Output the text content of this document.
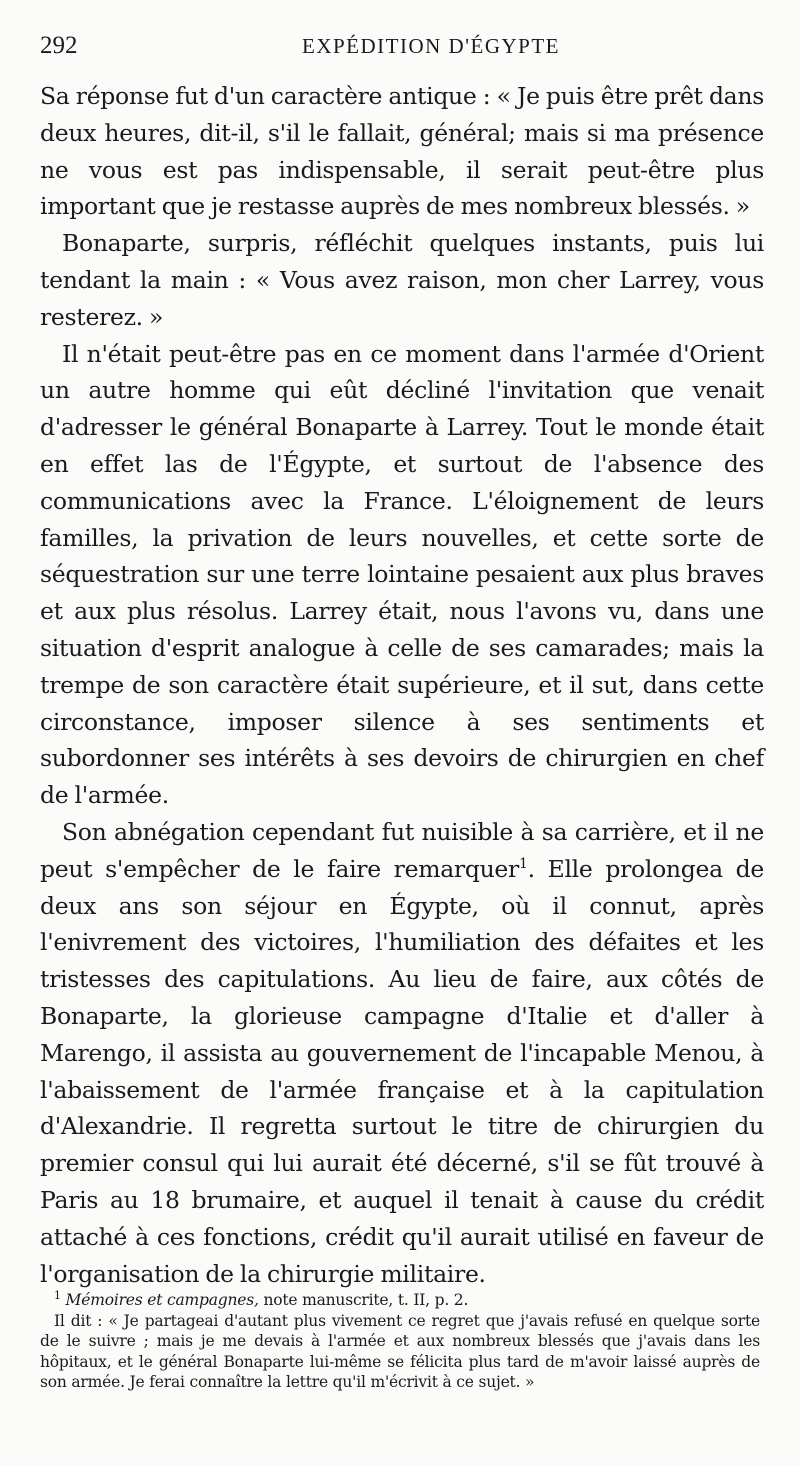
292	EXPÉDITION D'ÉGYPTE

Sa réponse fut d'un caractère antique : « Je puis être prêt dans deux heures, dit-il, s'il le fallait, général; mais si ma présence ne vous est pas indispensable, il serait peut-être plus important que je restasse auprès de mes nombreux blessés. »

Bonaparte, surpris, réfléchit quelques instants, puis lui tendant la main : « Vous avez raison, mon cher Larrey, vous resterez. »

Il n'était peut-être pas en ce moment dans l'armée d'Orient un autre homme qui eût décliné l'invitation que venait d'adresser le général Bonaparte à Larrey. Tout le monde était en effet las de l'Égypte, et surtout de l'absence des communications avec la France. L'éloignement de leurs familles, la privation de leurs nouvelles, et cette sorte de séquestration sur une terre lointaine pesaient aux plus braves et aux plus résolus. Larrey était, nous l'avons vu, dans une situation d'esprit analogue à celle de ses camarades; mais la trempe de son caractère était supérieure, et il sut, dans cette circonstance, imposer silence à ses sentiments et subordonner ses intérêts à ses devoirs de chirurgien en chef de l'armée.

Son abnégation cependant fut nuisible à sa carrière, et il ne peut s'empêcher de le faire remarquer$^1$. Elle prolongea de deux ans son séjour en Égypte, où il connut, après l'enivrement des victoires, l'humiliation des défaites et les tristesses des capitulations. Au lieu de faire, aux côtés de Bonaparte, la glorieuse campagne d'Italie et d'aller à Marengo, il assista au gouvernement de l'incapable Menou, à l'abaissement de l'armée française et à la capitulation d'Alexandrie. Il regretta surtout le titre de chirurgien du premier consul qui lui aurait été décerné, s'il se fût trouvé à Paris au 18 brumaire, et auquel il tenait à cause du crédit attaché à ces fonctions, crédit qu'il aurait utilisé en faveur de l'organisation de la chirurgie militaire.

$^1$ Mémoires et campagnes, note manuscrite, t. II, p. 2.

Il dit : « Je partageai d'autant plus vivement ce regret que j'avais refusé en quelque sorte de le suivre ; mais je me devais à l'armée et aux nombreux blessés que j'avais dans les hôpitaux, et le général Bonaparte lui-même se félicita plus tard de m'avoir laissé auprès de son armée. Je ferai connaître la lettre qu'il m'écrivit à ce sujet. »
